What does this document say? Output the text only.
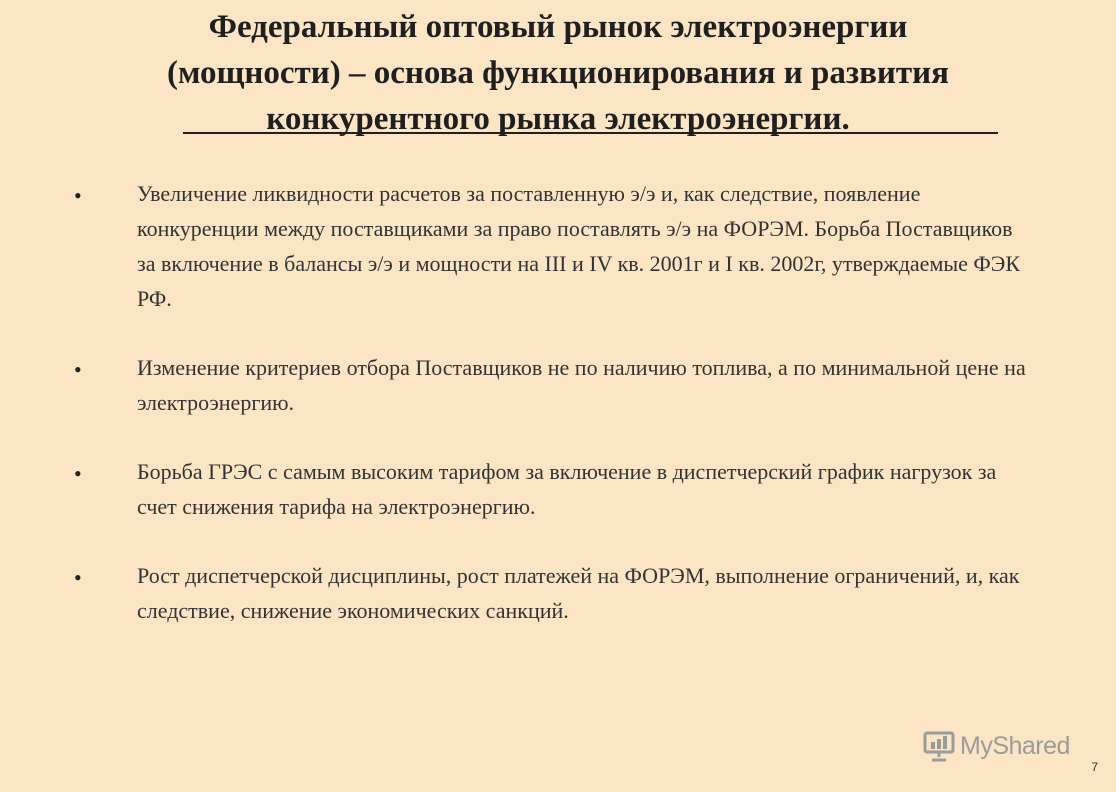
Федеральный оптовый рынок электроэнергии
(мощности) – основа функционирования и развития
конкурентного рынка электроэнергии.
•	Увеличение ликвидности расчетов за поставленную э/э и, как следствие, появление конкуренции между поставщиками за право поставлять э/э на ФОРЭМ. Борьба Поставщиков за включение в балансы э/э и мощности на III и IV кв. 2001г и I кв. 2002г, утверждаемые ФЭК РФ.
•	Изменение критериев отбора Поставщиков не по наличию топлива, а по минимальной цене на электроэнергию.
•	Борьба ГРЭС с самым высоким тарифом за включение в диспетчерский график нагрузок за счет снижения тарифа на электроэнергию.
•	Рост диспетчерской дисциплины, рост платежей на ФОРЭМ, выполнение ограничений, и, как следствие, снижение экономических санкций.
MyShared
7
